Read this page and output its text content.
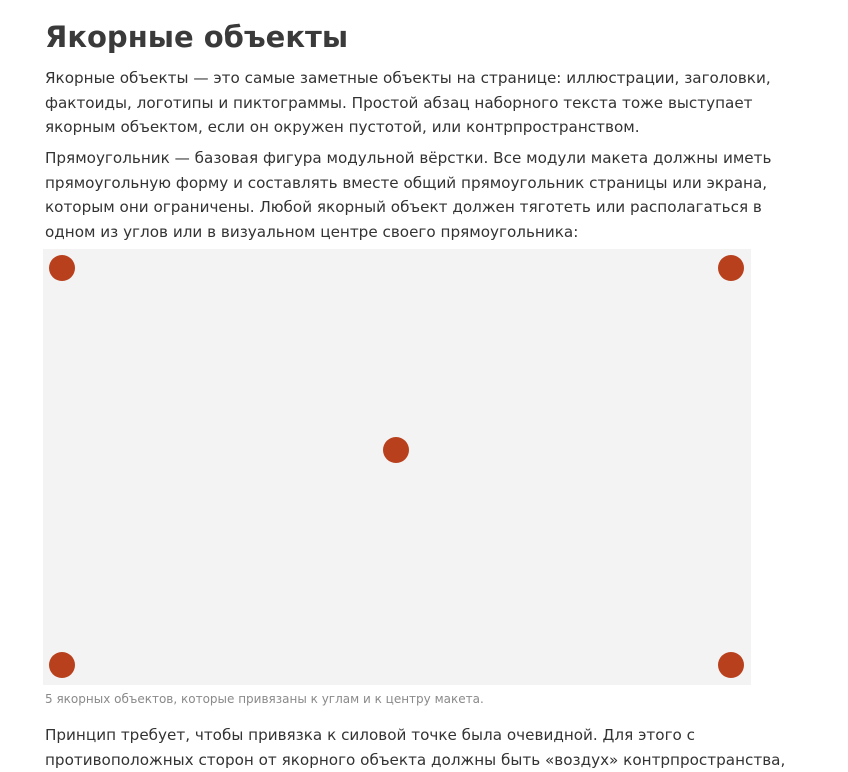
Якорные объекты

Якорные объекты — это самые заметные объекты на странице: иллюстрации, заголовки,
фактоиды, логотипы и пиктограммы. Простой абзац наборного текста тоже выступает
якорным объектом, если он окружен пустотой, или контрпространством.

Прямоугольник — базовая фигура модульной вёрстки. Все модули макета должны иметь
прямоугольную форму и составлять вместе общий прямоугольник страницы или экрана,
которым они ограничены. Любой якорный объект должен тяготеть или располагаться в
одном из углов или в визуальном центре своего прямоугольника:

Принцип требует, чтобы привязка к силовой точке была очевидной. Для этого с
противоположных сторон от якорного объекта должны быть «воздух» контрпространства,

5 якорных объектов, которые привязаны к углам и к центру макета.
